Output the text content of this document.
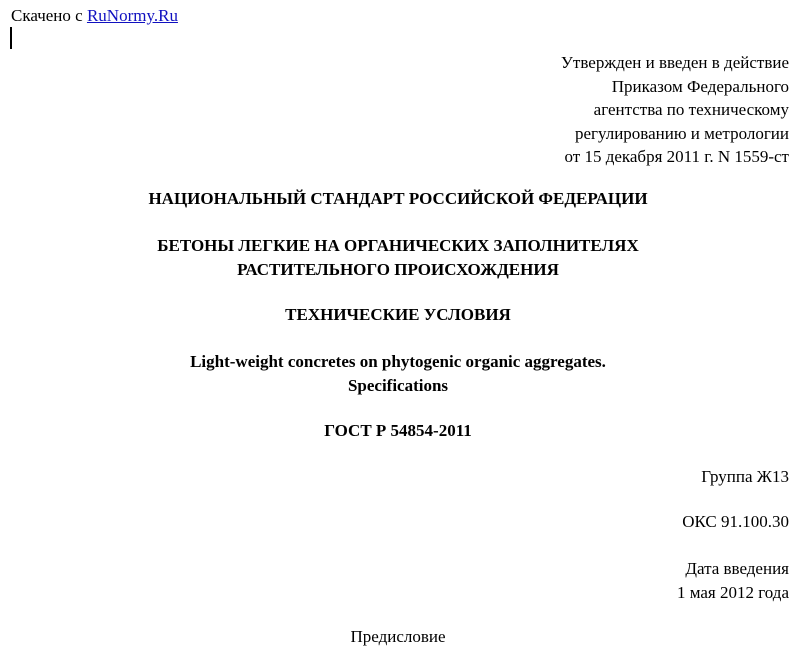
Скачено с RuNormy.Ru
Утвержден и введен в действие
Приказом Федерального
агентства по техническому
регулированию и метрологии
от 15 декабря 2011 г. N 1559-ст
НАЦИОНАЛЬНЫЙ СТАНДАРТ РОССИЙСКОЙ ФЕДЕРАЦИИ
БЕТОНЫ ЛЕГКИЕ НА ОРГАНИЧЕСКИХ ЗАПОЛНИТЕЛЯХ
РАСТИТЕЛЬНОГО ПРОИСХОЖДЕНИЯ
ТЕХНИЧЕСКИЕ УСЛОВИЯ
Light-weight concretes on phytogenic organic aggregates.
Specifications
ГОСТ Р 54854-2011
Группа Ж13
ОКС 91.100.30
Дата введения
1 мая 2012 года
Предисловие
